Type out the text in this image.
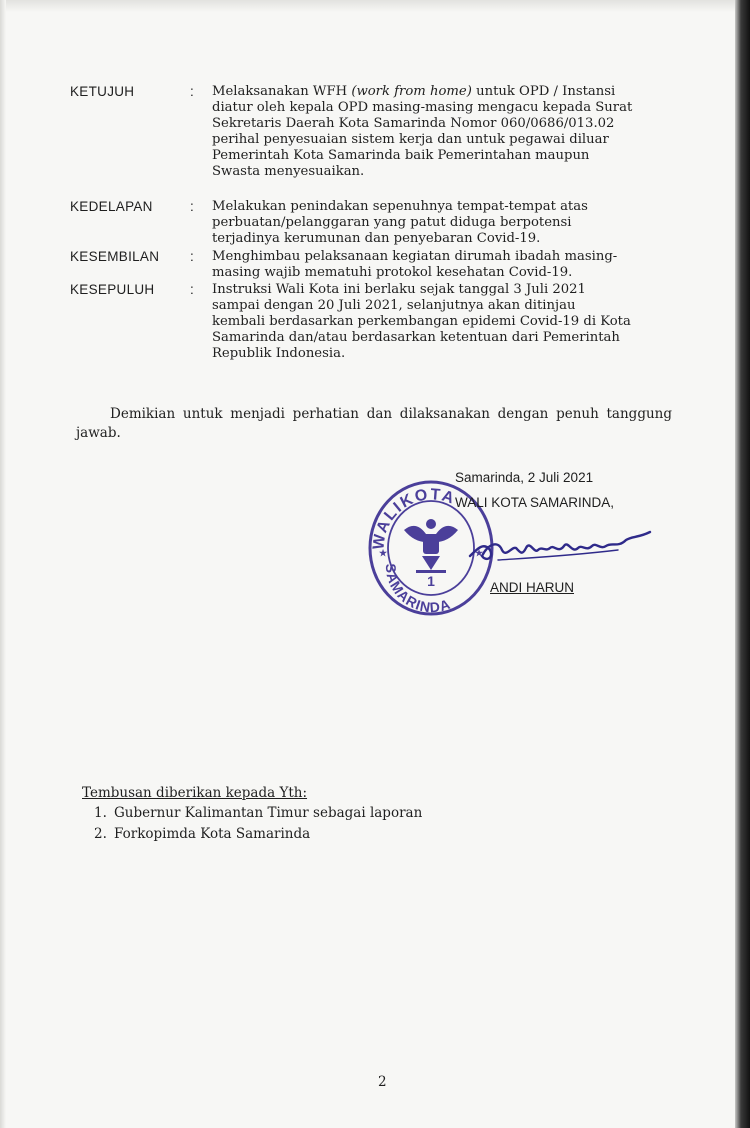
KETUJUH	: Melaksanakan WFH (work from home) untuk OPD / Instansi
diatur oleh kepala OPD masing-masing mengacu kepada Surat
Sekretaris Daerah Kota Samarinda Nomor 060/0686/013.02
perihal penyesuaian sistem kerja dan untuk pegawai diluar
Pemerintah Kota Samarinda baik Pemerintahan maupun
Swasta menyesuaikan.
KEDELAPAN	: Melakukan penindakan sepenuhnya tempat-tempat atas
perbuatan/pelanggaran yang patut diduga berpotensi
terjadinya kerumunan dan penyebaran Covid-19.
KESEMBILAN : Menghimbau pelaksanaan kegiatan dirumah ibadah masing-
masing wajib mematuhi protokol kesehatan Covid-19.
KESEPULUH	: Instruksi Wali Kota ini berlaku sejak tanggal 3 Juli 2021
sampai dengan 20 Juli 2021, selanjutnya akan ditinjau
kembali berdasarkan perkembangan epidemi Covid-19 di Kota
Samarinda dan/atau berdasarkan ketentuan dari Pemerintah
Republik Indonesia.
Demikian untuk menjadi perhatian dan dilaksanakan dengan penuh tanggung jawab.
WALIKOTA
SAMARINDA
1
★	★
Samarinda, 2 Juli 2021
WALI KOTA SAMARINDA,
ANDI HARUN
Tembusan diberikan kepada Yth:
1. Gubernur Kalimantan Timur sebagai laporan
2. Forkopimda Kota Samarinda
2
